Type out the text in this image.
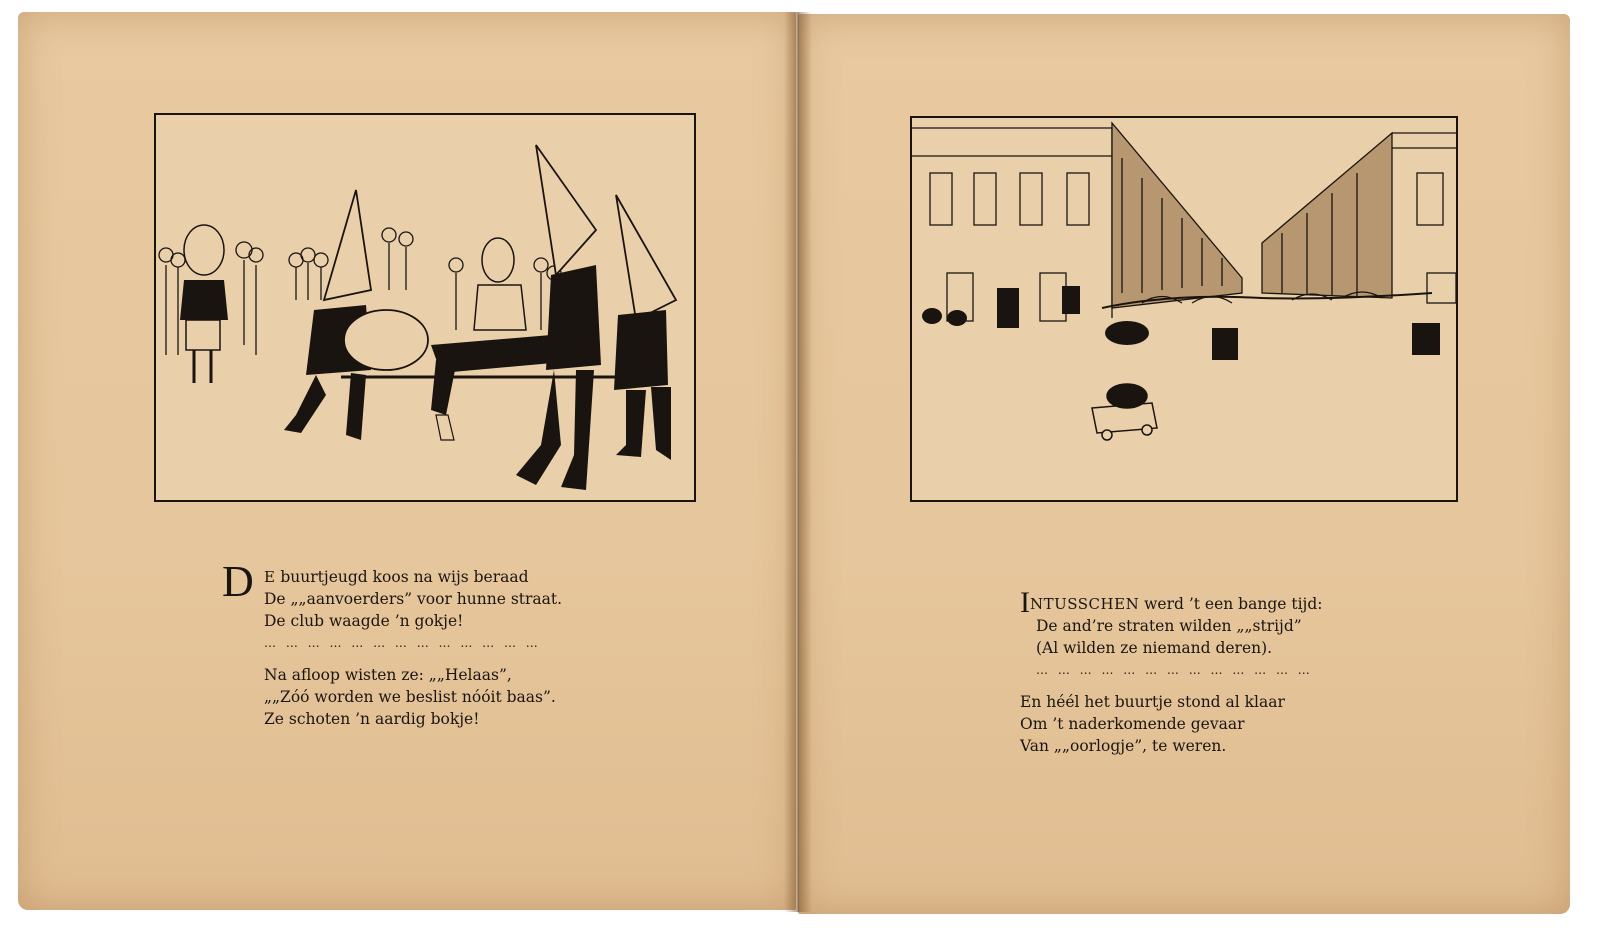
D E buurtjeugd koos na wijs beraad
De „„aanvoerders” voor hunne straat.
De club waagde ’n gokje!
… … … … … … … … … … … … …
Na afloop wisten ze: „„Helaas”,
„„Zóó worden we beslist nóóit baas”.
Ze schoten ’n aardig bokje!
INTUSSCHEN werd ’t een bange tijd:
De and’re straten wilden „„strijd”
(Al wilden ze niemand deren).
… … … … … … … … … … … … …
En héél het buurtje stond al klaar
Om ’t naderkomende gevaar
Van „„oorlogje”, te weren.
